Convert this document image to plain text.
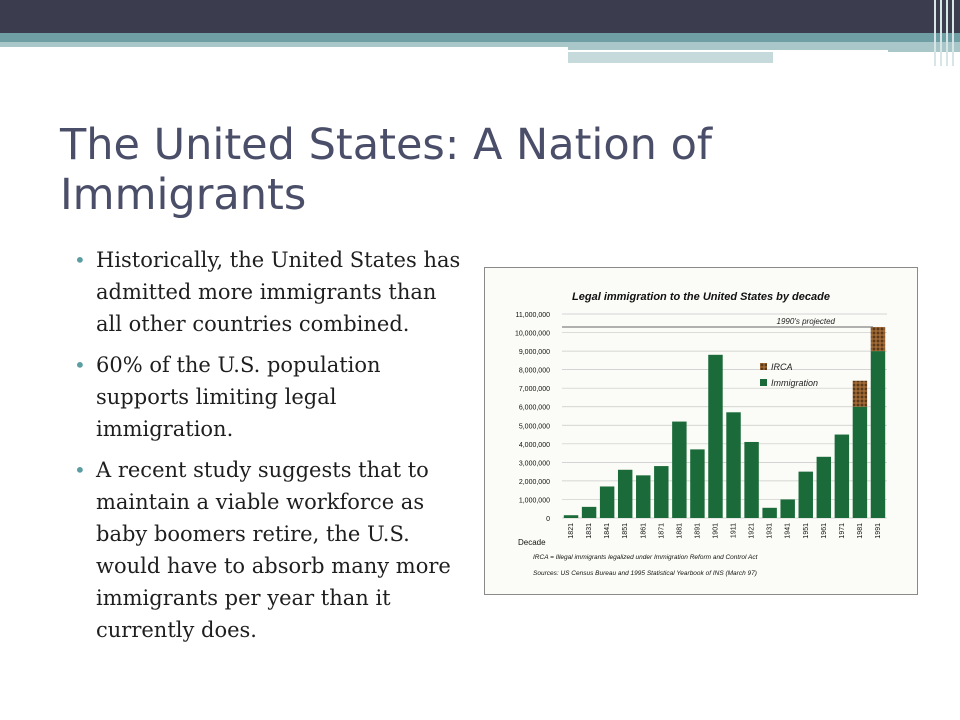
The United States: A Nation of Immigrants
• Historically, the United States has admitted more immigrants than all other countries combined.
• 60% of the U.S. population supports limiting legal immigration.
• A recent study suggests that to maintain a viable workforce as baby boomers retire, the U.S. would have to absorb many more immigrants per year than it currently does.
Legal immigration to the United States by decade
0
1,000,000
2,000,000
3,000,000
4,000,000
5,000,000
6,000,000
7,000,000
8,000,000
9,000,000
10,000,000
11,000,000
1821 1831 1841 1851 1861 1871 1881 1891 1901 1911 1921 1931 1941 1951 1961 1971 1981 1991
1990's projected
IRCA
Immigration
Decade
IRCA = Illegal immigrants legalized under Immigration Reform and Control Act
Sources: US Census Bureau and 1995 Statistical Yearbook of INS (March 97)
